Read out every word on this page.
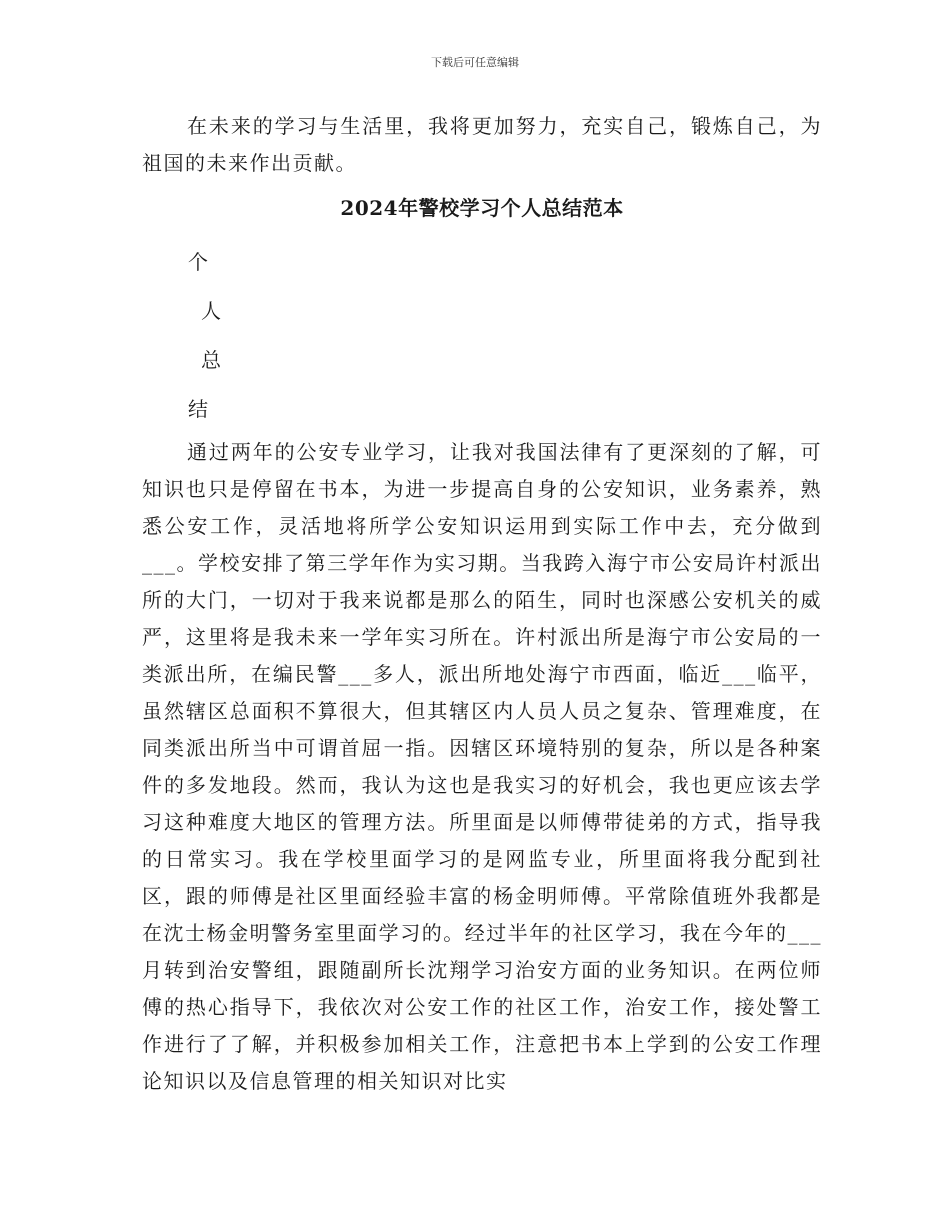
下载后可任意编辑

在未来的学习与生活里，我将更加努力，充实自己，锻炼自己，为祖国的未来作出贡献。

2024年警校学习个人总结范本
个
人
总
结

通过两年的公安专业学习，让我对我国法律有了更深刻的了解，可知识也只是停留在书本，为进一步提高自身的公安知识，业务素养，熟悉公安工作，灵活地将所学公安知识运用到实际工作中去，充分做到___。学校安排了第三学年作为实习期。当我跨入海宁市公安局许村派出所的大门，一切对于我来说都是那么的陌生，同时也深感公安机关的威严，这里将是我未来一学年实习所在。许村派出所是海宁市公安局的一类派出所，在编民警___多人，派出所地处海宁市西面，临近___临平，虽然辖区总面积不算很大，但其辖区内人员人员之复杂、管理难度，在同类派出所当中可谓首屈一指。因辖区环境特别的复杂，所以是各种案件的多发地段。然而，我认为这也是我实习的好机会，我也更应该去学习这种难度大地区的管理方法。所里面是以师傅带徒弟的方式，指导我的日常实习。我在学校里面学习的是网监专业，所里面将我分配到社区，跟的师傅是社区里面经验丰富的杨金明师傅。平常除值班外我都是在沈士杨金明警务室里面学习的。经过半年的社区学习，我在今年的___月转到治安警组，跟随副所长沈翔学习治安方面的业务知识。在两位师傅的热心指导下，我依次对公安工作的社区工作，治安工作，接处警工作进行了了解，并积极参加相关工作，注意把书本上学到的公安工作理论知识以及信息管理的相关知识对比实
